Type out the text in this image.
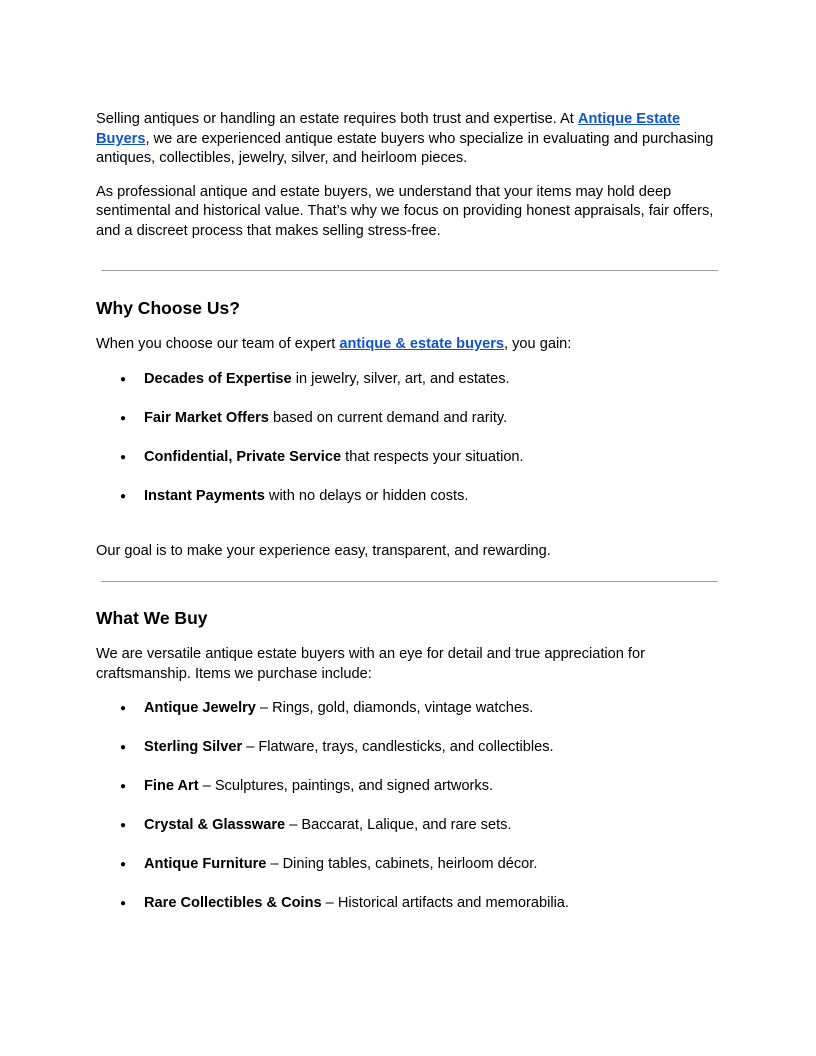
Selling antiques or handling an estate requires both trust and expertise. At Antique Estate Buyers, we are experienced antique estate buyers who specialize in evaluating and purchasing antiques, collectibles, jewelry, silver, and heirloom pieces.

As professional antique and estate buyers, we understand that your items may hold deep sentimental and historical value. That’s why we focus on providing honest appraisals, fair offers, and a discreet process that makes selling stress-free.

Why Choose Us?

When you choose our team of expert antique & estate buyers, you gain:

● Decades of Expertise in jewelry, silver, art, and estates.
● Fair Market Offers based on current demand and rarity.
● Confidential, Private Service that respects your situation.
● Instant Payments with no delays or hidden costs.

Our goal is to make your experience easy, transparent, and rewarding.

What We Buy

We are versatile antique estate buyers with an eye for detail and true appreciation for craftsmanship. Items we purchase include:

● Antique Jewelry – Rings, gold, diamonds, vintage watches.
● Sterling Silver – Flatware, trays, candlesticks, and collectibles.
● Fine Art – Sculptures, paintings, and signed artworks.
● Crystal & Glassware – Baccarat, Lalique, and rare sets.
● Antique Furniture – Dining tables, cabinets, heirloom décor.
● Rare Collectibles & Coins – Historical artifacts and memorabilia.
